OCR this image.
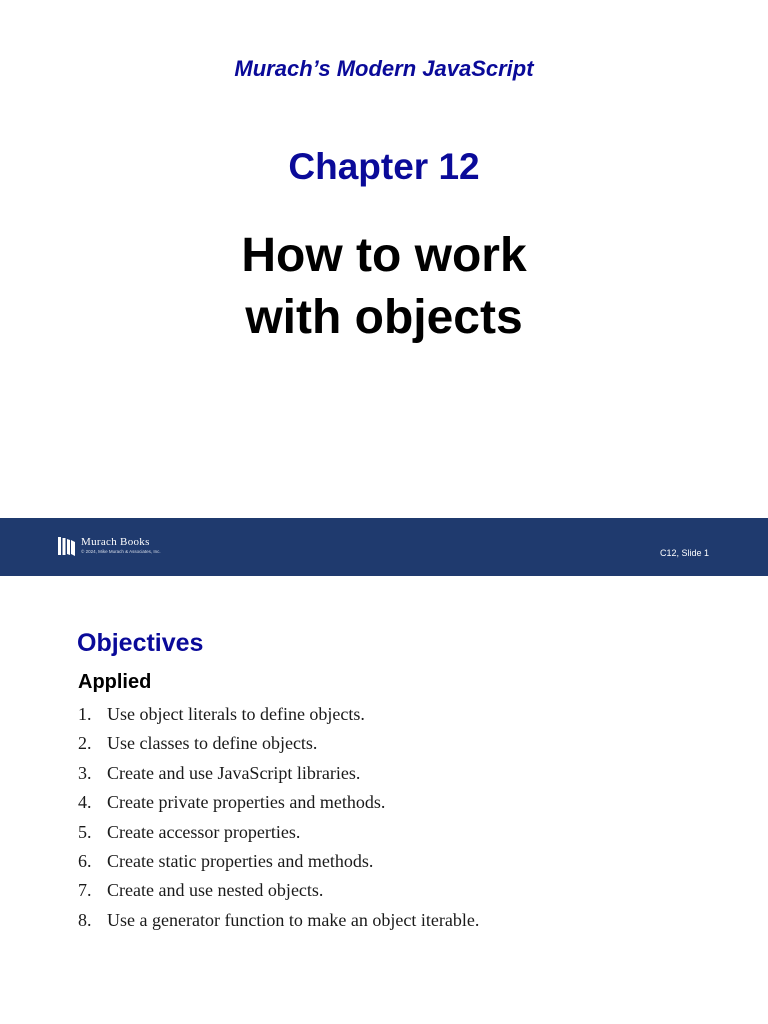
Murach’s Modern JavaScript
Chapter 12
How to work
with objects
Murach Books
© 2024, Mike Murach & Associates, Inc.	C12, Slide 1
Objectives
Applied
1. Use object literals to define objects.
2. Use classes to define objects.
3. Create and use JavaScript libraries.
4. Create private properties and methods.
5. Create accessor properties.
6. Create static properties and methods.
7. Create and use nested objects.
8. Use a generator function to make an object iterable.
